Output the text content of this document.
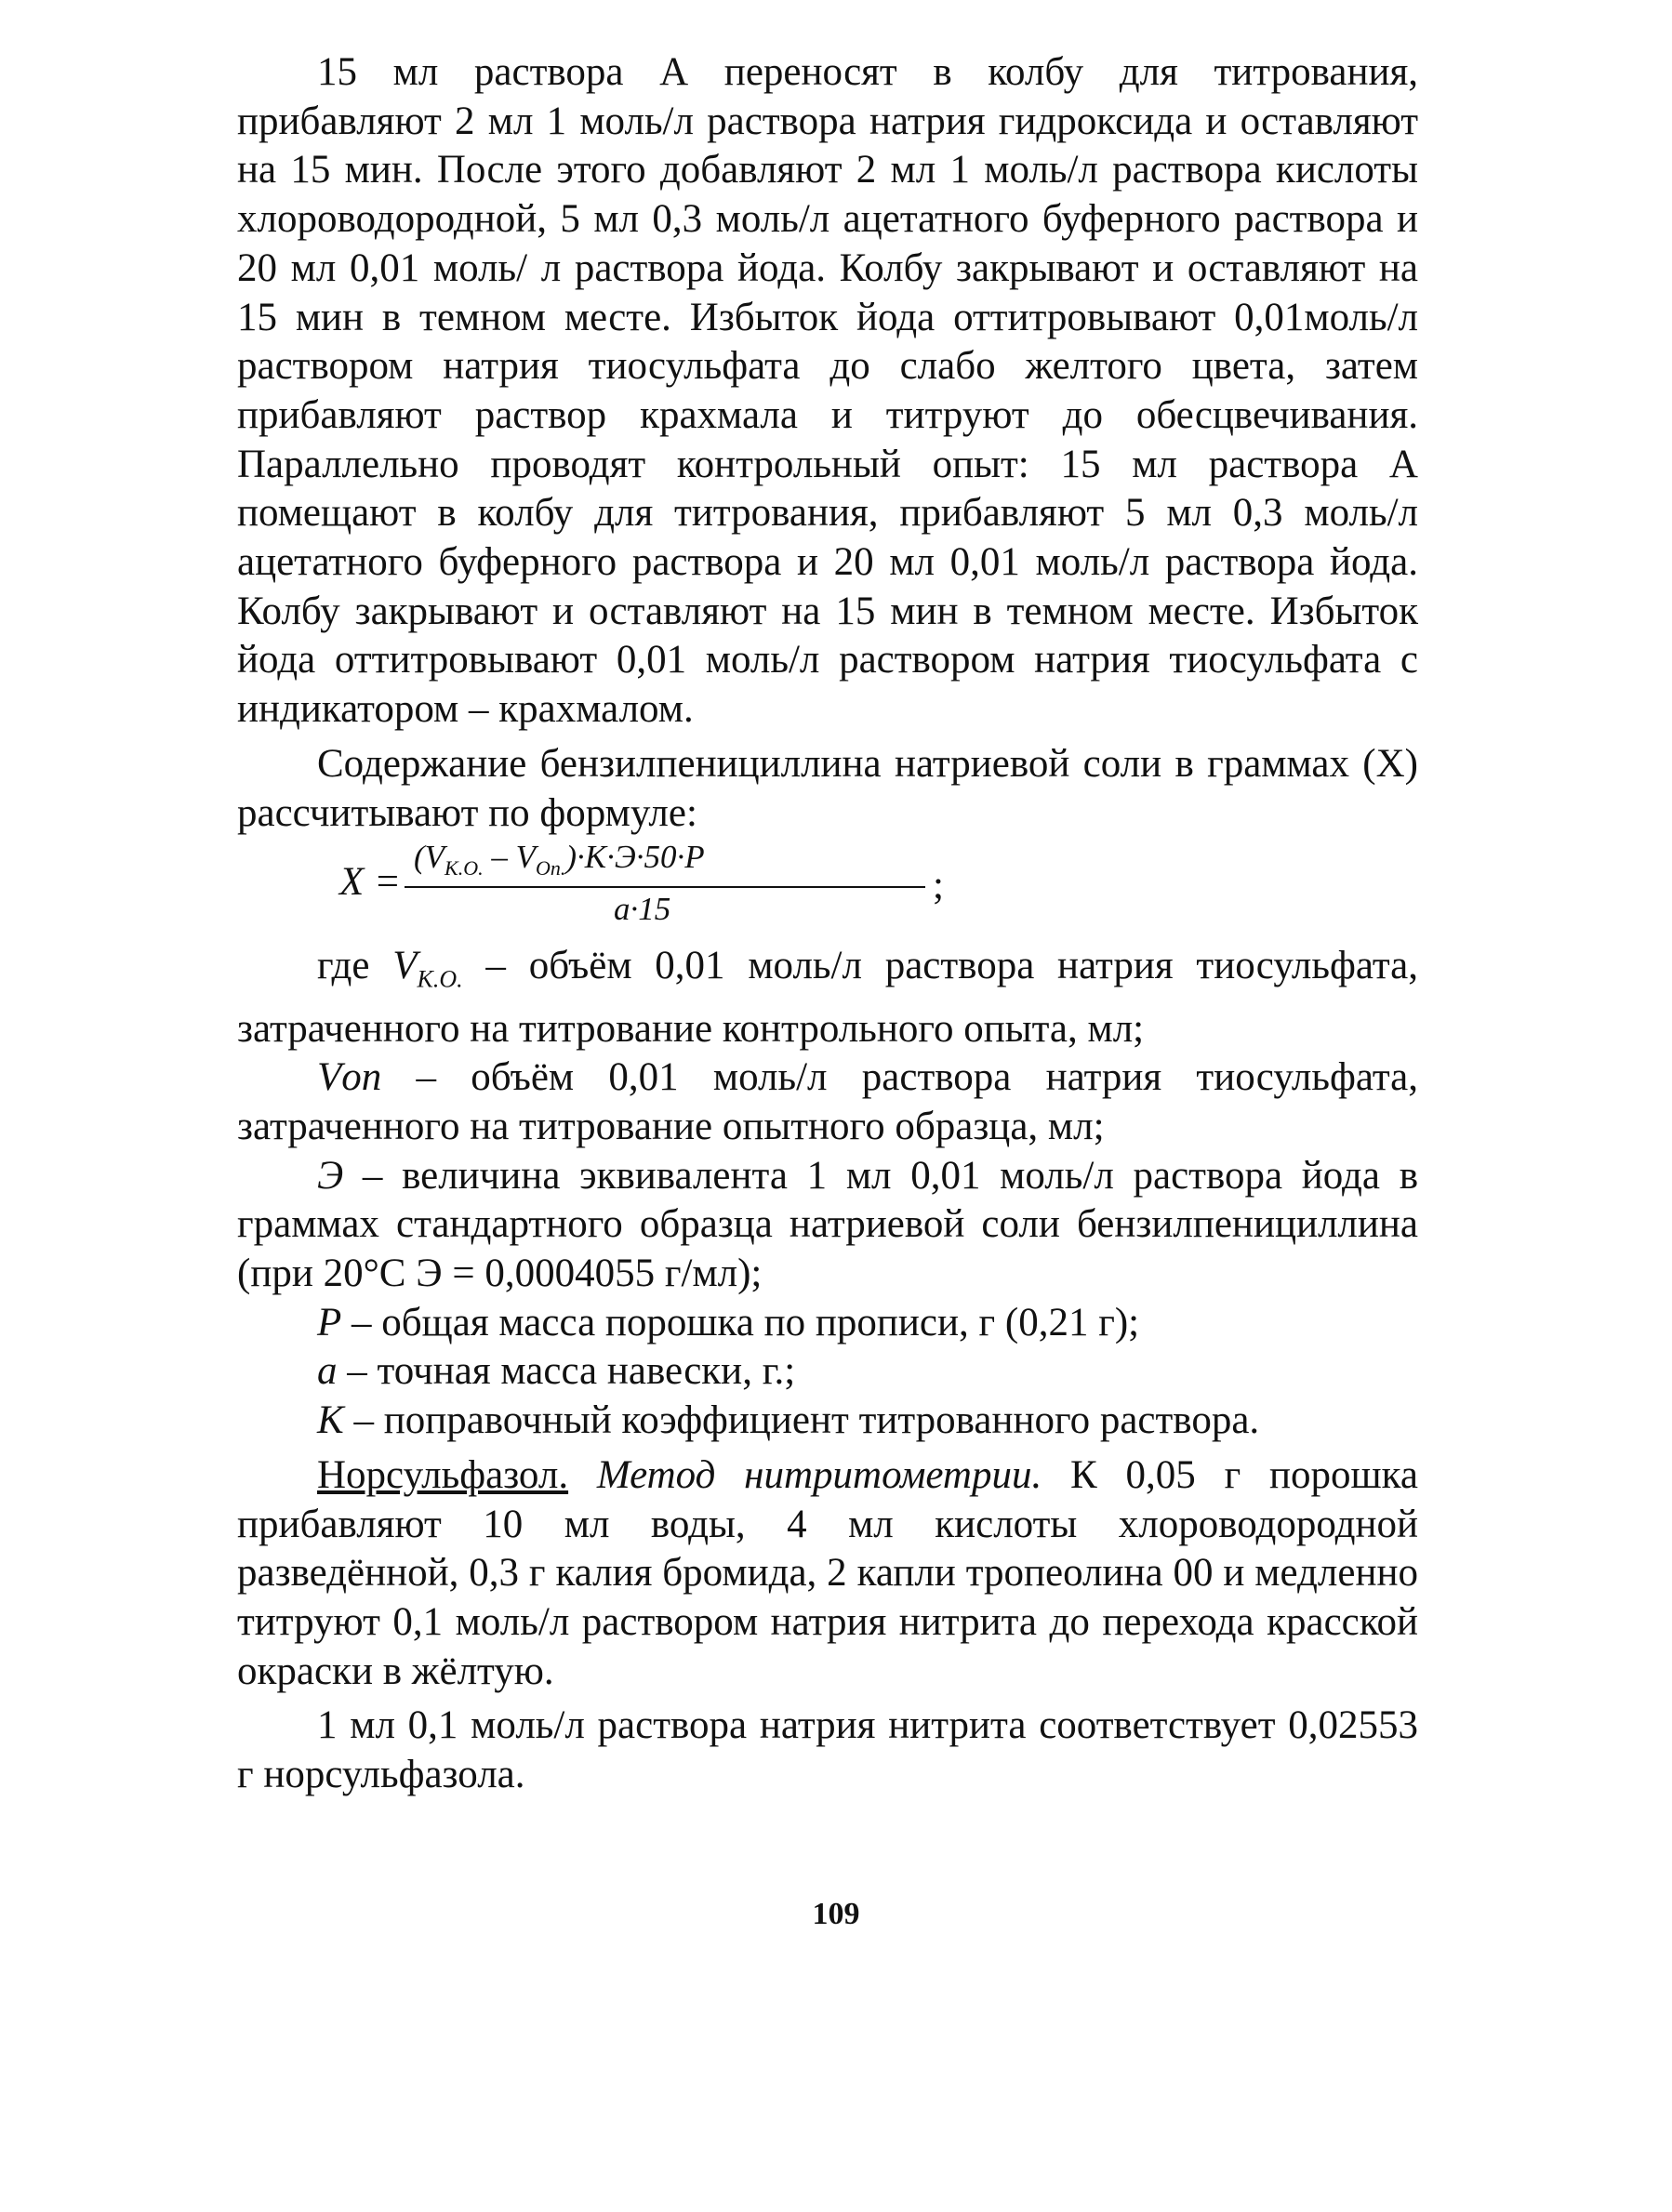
15 мл раствора А переносят в колбу для титрования, прибавляют 2 мл 1 моль/л раствора натрия гидроксида и оставляют на 15 мин. После этого добавляют 2 мл 1 моль/л раствора кислоты хлороводородной, 5 мл 0,3 моль/л ацетатного буферного раствора и 20 мл 0,01 моль/ л раствора йода. Колбу закрывают и оставляют на 15 мин в темном месте. Избыток йода оттитровывают 0,01моль/л раствором натрия тиосульфата до слабо желтого цвета, затем прибавляют раствор крахмала и титруют до обесцвечивания. Параллельно проводят контрольный опыт: 15 мл раствора А помещают в колбу для титрования, прибавляют 5 мл 0,3 моль/л ацетатного буферного раствора и 20 мл 0,01 моль/л раствора йода. Колбу закрывают и оставляют на 15 мин в темном месте. Избыток йода оттитровывают 0,01 моль/л раствором натрия тиосульфата с индикатором – крахмалом.

Содержание бензилпенициллина натриевой соли в граммах (X) рассчитывают по формуле:

X =
$(V_{K.O.} - V_{Оп.})\cdot K\cdot Э\cdot 50\cdot P$
a·15
;

где $V_{K.O.}$ – объём 0,01 моль/л раствора натрия тиосульфата, затраченного на титрование контрольного опыта, мл;

Vоп – объём 0,01 моль/л раствора натрия тиосульфата, затраченного на титрование опытного образца, мл;

Э – величина эквивалента 1 мл 0,01 моль/л раствора йода в граммах стандартного образца натриевой соли бензилпенициллина (при 20°С Э = 0,0004055 г/мл);

P – общая масса порошка по прописи, г (0,21 г);

a – точная масса навески, г.;

K – поправочный коэффициент титрованного раствора.

Норсульфазол. Метод нитритометрии. К 0,05 г порошка прибавляют 10 мл воды, 4 мл кислоты хлороводородной разведённой, 0,3 г калия бромида, 2 капли тропеолина 00 и медленно титруют 0,1 моль/л раствором натрия нитрита до перехода красской окраски в жёлтую.

1 мл 0,1 моль/л раствора натрия нитрита соответствует 0,02553 г норсульфазола.

109
